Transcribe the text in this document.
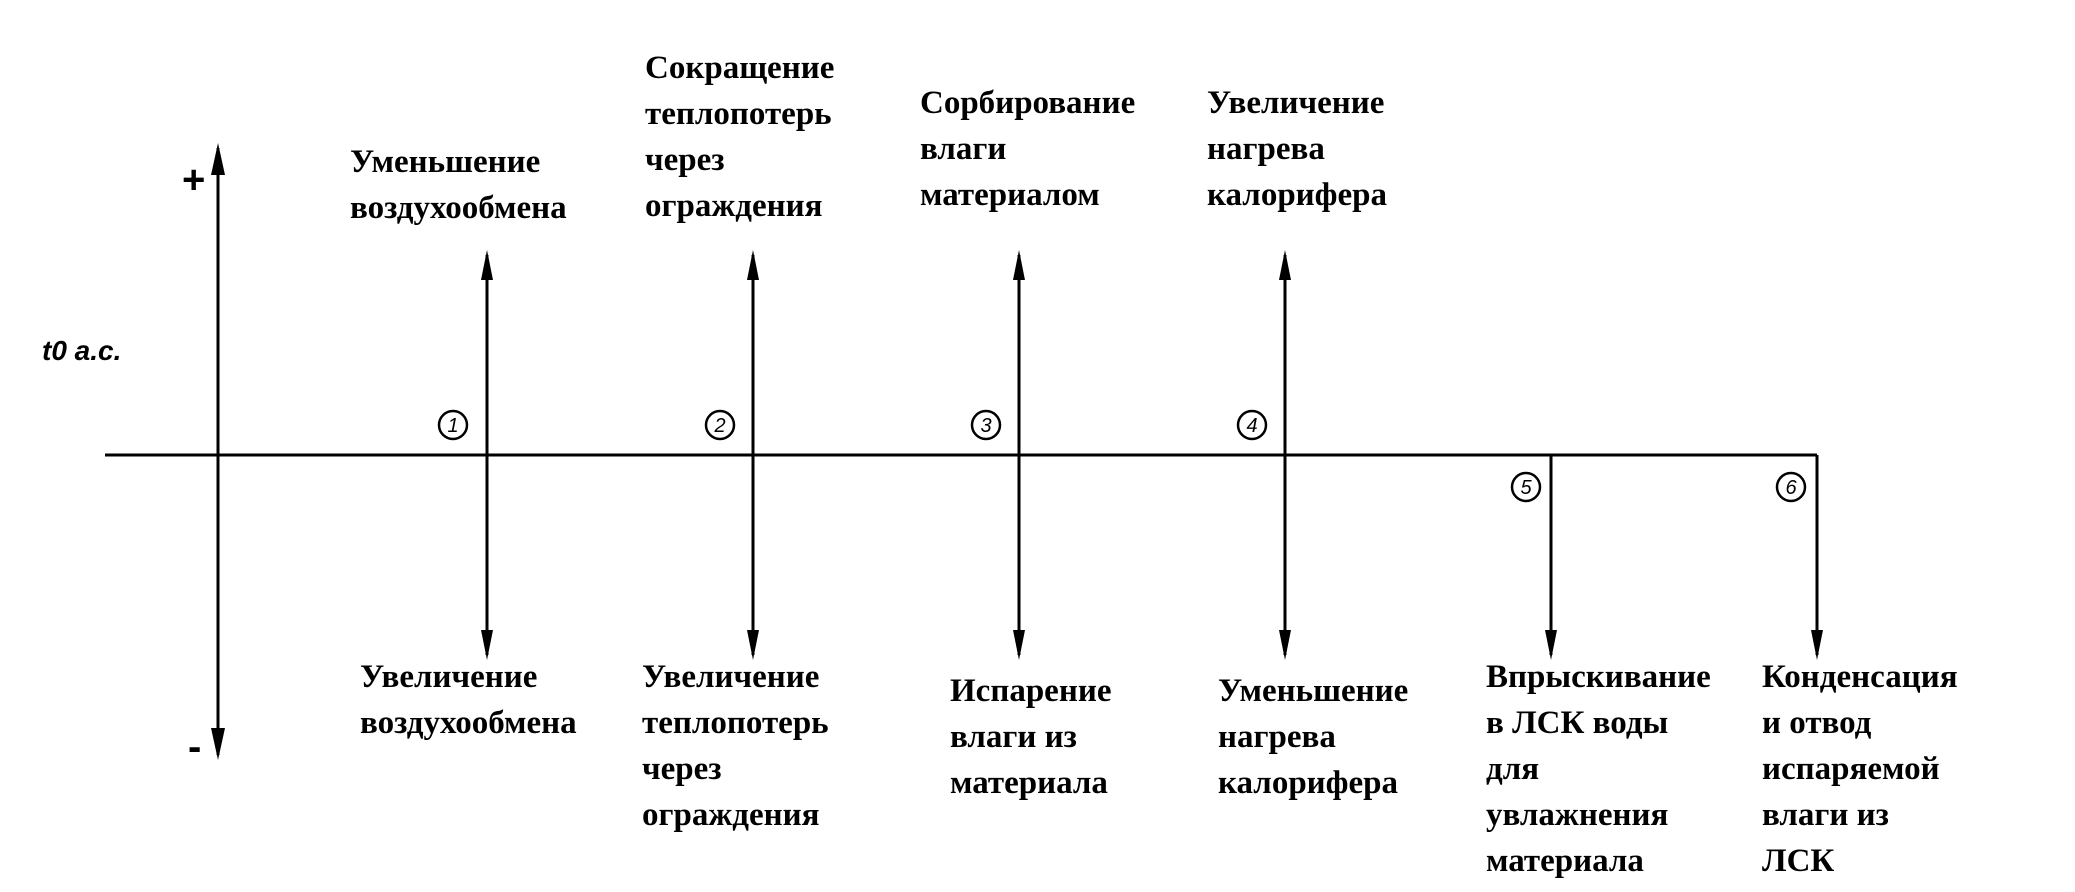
+
-
t0 a.c.
1
Уменьшение воздухообмена
Увеличение воздухообмена
2
Сокращение теплопотерь через ограждения
Увеличение теплопотерь через ограждения
3
Сорбирование влаги материалом
Испарение влаги из материала
4
Увеличение нагрева калорифера
Уменьшение нагрева калорифера
5
Впрыскивание в ЛСК воды для увлажнения материала
6
Конденсация и отвод испаряемой влаги из ЛСК
